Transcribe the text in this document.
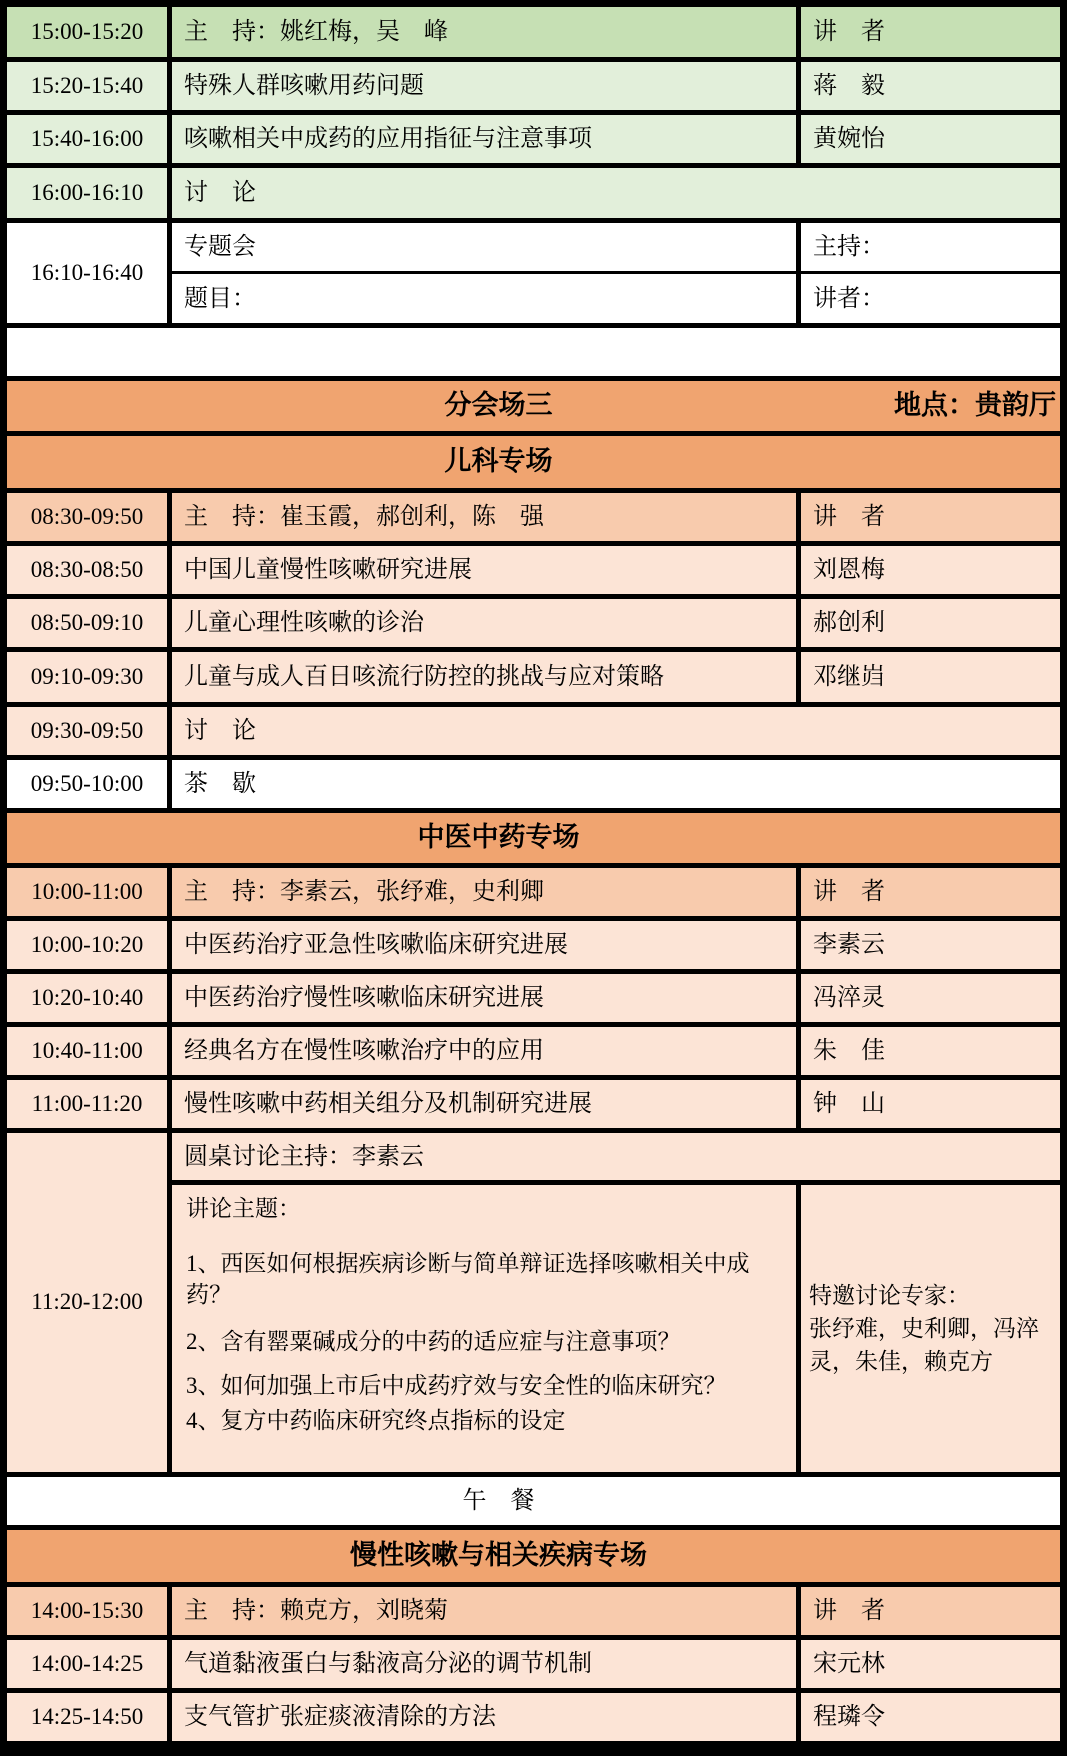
15:00-15:20 主　持：姚红梅，吴　峰	讲　者
15:20-15:40 特殊人群咳嗽用药问题	蒋　毅
15:40-16:00 咳嗽相关中成药的应用指征与注意事项	黄婉怡
16:00-16:10 讨　论
16:10-16:40
专题会	主持：
题目：	讲者：
分会场三	地点：贵韵厅
儿科专场
08:30-09:50 主　持：崔玉霞，郝创利，陈　强	讲　者
08:30-08:50 中国儿童慢性咳嗽研究进展	刘恩梅
08:50-09:10 儿童心理性咳嗽的诊治	郝创利
09:10-09:30 儿童与成人百日咳流行防控的挑战与应对策略	邓继岿
09:30-09:50 讨　论
09:50-10:00 茶　歇
中医中药专场
10:00-11:00 主　持：李素云，张纾难，史利卿	讲　者
10:00-10:20 中医药治疗亚急性咳嗽临床研究进展	李素云
10:20-10:40 中医药治疗慢性咳嗽临床研究进展	冯淬灵
10:40-11:00 经典名方在慢性咳嗽治疗中的应用	朱　佳
11:00-11:20 慢性咳嗽中药相关组分及机制研究进展	钟　山
11:20-12:00
圆桌讨论主持：李素云

讲论主题：

1、西医如何根据疾病诊断与简单辩证选择咳嗽相关中成药？

2、含有罂粟碱成分的中药的适应症与注意事项？

3、如何加强上市后中成药疗效与安全性的临床研究？

4、复方中药临床研究终点指标的设定

特邀讨论专家：
张纾难，史利卿，冯淬灵，朱佳，赖克方
午　餐
慢性咳嗽与相关疾病专场
14:00-15:30 主　持：赖克方，刘晓菊	讲　者
14:00-14:25 气道黏液蛋白与黏液高分泌的调节机制	宋元林
14:25-14:50 支气管扩张症痰液清除的方法	程璘令
